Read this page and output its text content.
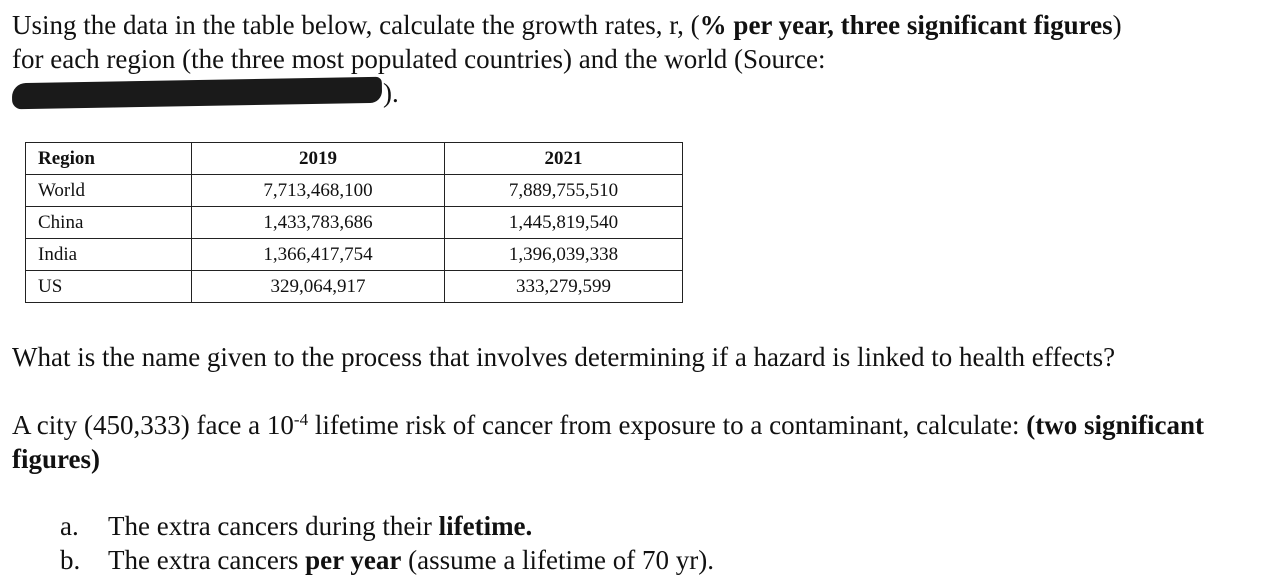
Using the data in the table below, calculate the growth rates, r, (% per year, three significant figures)
for each region (the three most populated countries) and the world (Source:
).
Region	2019	2021
World	7,713,468,100	7,889,755,510
China	1,433,783,686	1,445,819,540
India	1,366,417,754	1,396,039,338
US	329,064,917	333,279,599
What is the name given to the process that involves determining if a hazard is linked to health effects?
A city (450,333) face a $10^{-4}$ lifetime risk of cancer from exposure to a contaminant, calculate: (two significant figures)
a.	The extra cancers during their lifetime.
b.	The extra cancers per year (assume a lifetime of 70 yr).
